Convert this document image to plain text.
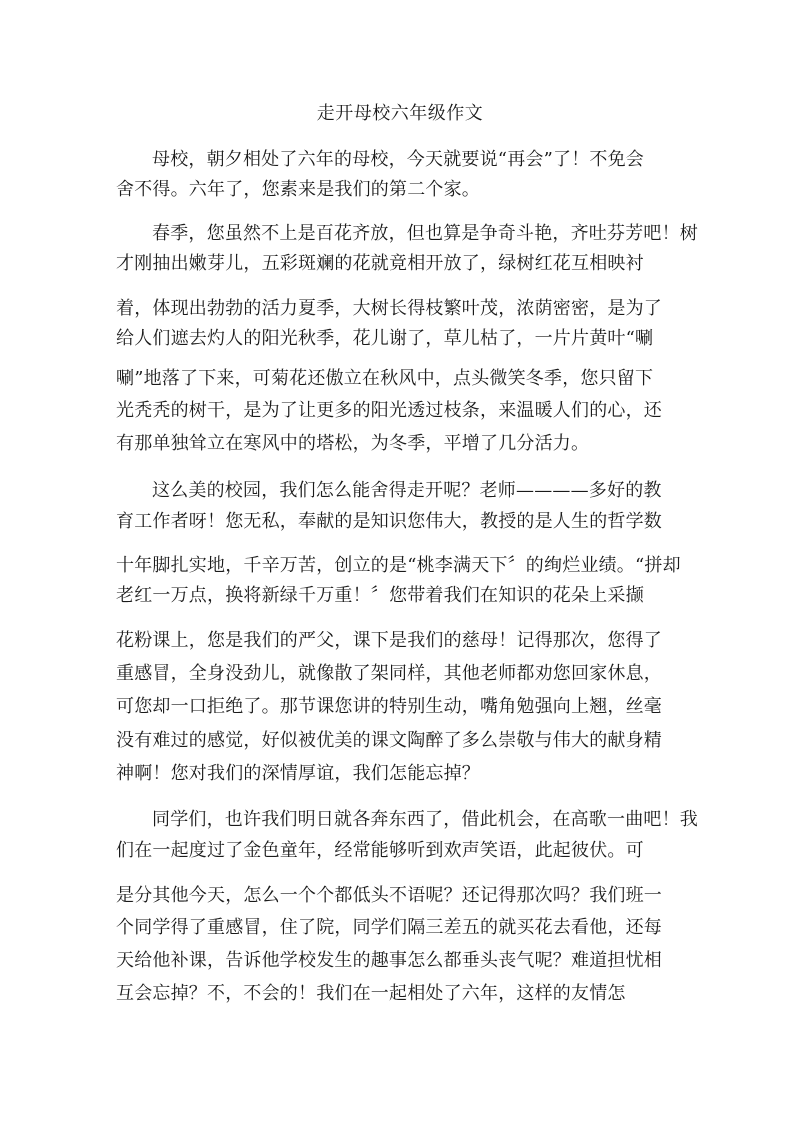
走开母校六年级作文
母校，朝夕相处了六年的母校，今天就要说“再会”了！不免会
舍不得。六年了，您素来是我们的第二个家。
春季，您虽然不上是百花齐放，但也算是争奇斗艳，齐吐芬芳吧！树
才刚抽出嫩芽儿，五彩斑斓的花就竟相开放了，绿树红花互相映衬
着，体现出勃勃的活力夏季，大树长得枝繁叶茂，浓荫密密，是为了
给人们遮去灼人的阳光秋季，花儿谢了，草儿枯了，一片片黄叶“唰
唰”地落了下来，可菊花还傲立在秋风中，点头微笑冬季，您只留下
光秃秃的树干，是为了让更多的阳光透过枝条，来温暖人们的心，还
有那单独耸立在寒风中的塔松，为冬季，平增了几分活力。
这么美的校园，我们怎么能舍得走开呢？老师————多好的教
育工作者呀！您无私，奉献的是知识您伟大，教授的是人生的哲学数
十年脚扎实地，千辛万苦，创立的是“桃李满天下〞的绚烂业绩。“拼却
老红一万点，换将新绿千万重！〞您带着我们在知识的花朵上采撷
花粉课上，您是我们的严父，课下是我们的慈母！记得那次，您得了
重感冒，全身没劲儿，就像散了架同样，其他老师都劝您回家休息，
可您却一口拒绝了。那节课您讲的特别生动，嘴角勉强向上翘，丝毫
没有难过的感觉，好似被优美的课文陶醉了多么崇敬与伟大的献身精
神啊！您对我们的深情厚谊，我们怎能忘掉？
同学们，也许我们明日就各奔东西了，借此机会，在高歌一曲吧！我
们在一起度过了金色童年，经常能够听到欢声笑语，此起彼伏。可
是分其他今天，怎么一个个都低头不语呢？还记得那次吗？我们班一
个同学得了重感冒，住了院，同学们隔三差五的就买花去看他，还每
天给他补课，告诉他学校发生的趣事怎么都垂头丧气呢？难道担忧相
互会忘掉？不，不会的！我们在一起相处了六年，这样的友情怎
